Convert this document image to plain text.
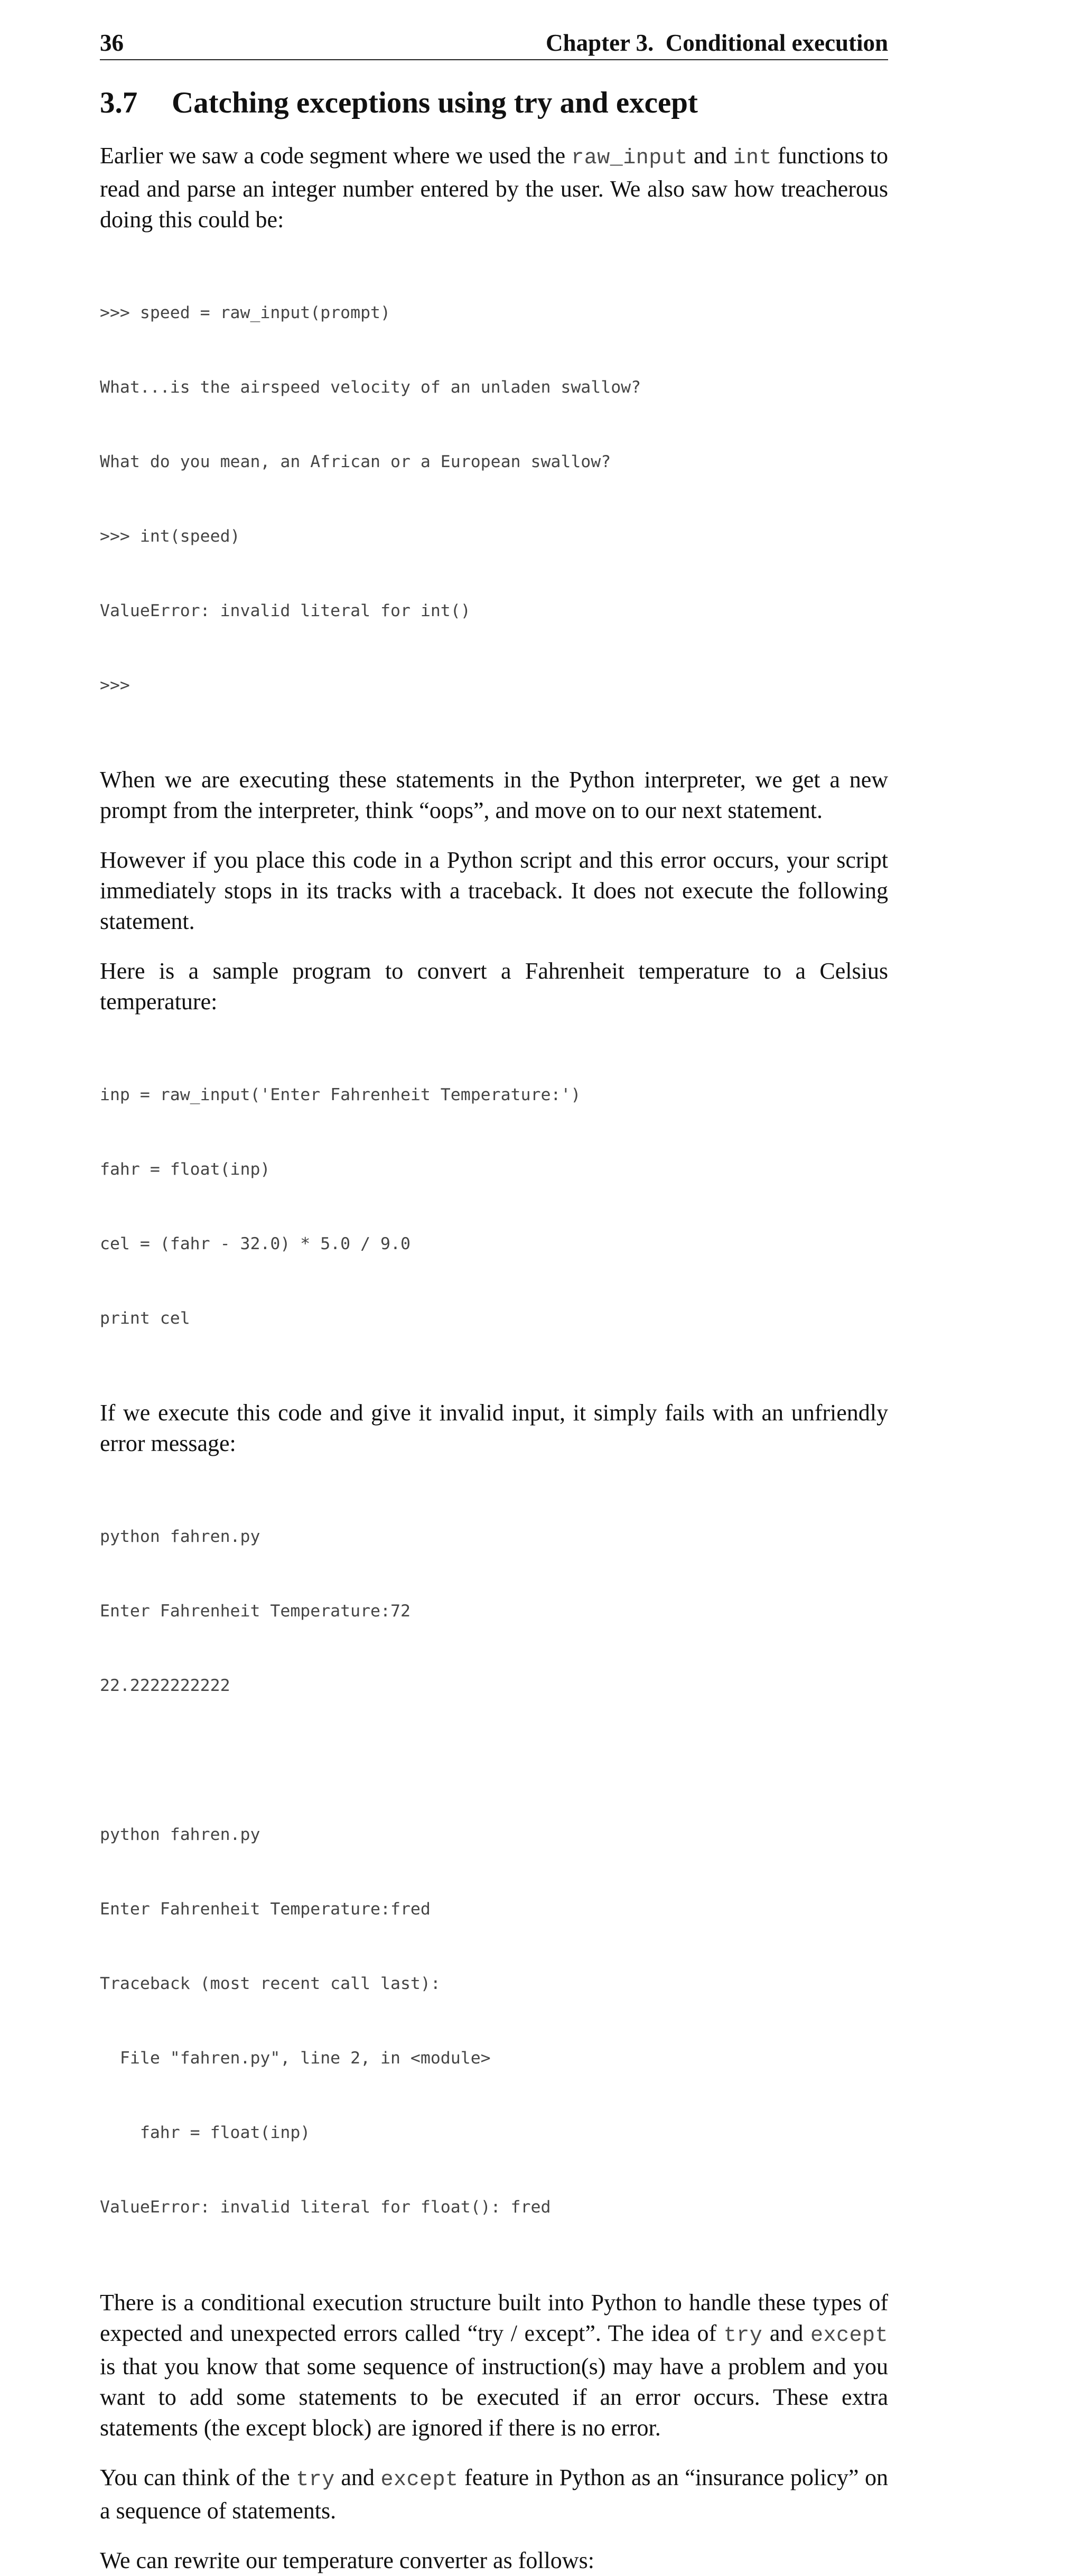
36	Chapter 3.  Conditional execution
3.7	Catching exceptions using try and except

Earlier we saw a code segment where we used the raw_input and int functions to read and parse an integer number entered by the user. We also saw how treacherous doing this could be:

>>> speed = raw_input(prompt)

What...is the airspeed velocity of an unladen swallow?

What do you mean, an African or a European swallow?

>>> int(speed)

ValueError: invalid literal for int()

>>>

When we are executing these statements in the Python interpreter, we get a new prompt from the interpreter, think “oops”, and move on to our next statement.

However if you place this code in a Python script and this error occurs, your script immediately stops in its tracks with a traceback. It does not execute the following statement.

Here is a sample program to convert a Fahrenheit temperature to a Celsius temperature:

inp = raw_input('Enter Fahrenheit Temperature:')

fahr = float(inp)

cel = (fahr - 32.0) * 5.0 / 9.0

print cel

If we execute this code and give it invalid input, it simply fails with an unfriendly error message:

python fahren.py

Enter Fahrenheit Temperature:72

22.2222222222

python fahren.py

Enter Fahrenheit Temperature:fred

Traceback (most recent call last):

File "fahren.py", line 2, in <module>

fahr = float(inp)

ValueError: invalid literal for float(): fred

There is a conditional execution structure built into Python to handle these types of expected and unexpected errors called “try / except”. The idea of try and except is that you know that some sequence of instruction(s) may have a problem and you want to add some statements to be executed if an error occurs. These extra statements (the except block) are ignored if there is no error.

You can think of the try and except feature in Python as an “insurance policy” on a sequence of statements.

We can rewrite our temperature converter as follows:
